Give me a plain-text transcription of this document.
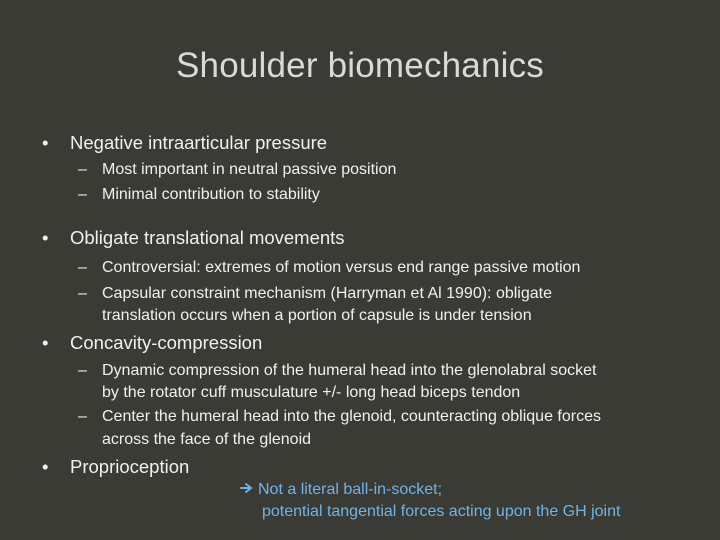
Shoulder biomechanics
• Negative intraarticular pressure
– Most important in neutral passive position
– Minimal contribution to stability
• Obligate translational movements
– Controversial: extremes of motion versus end range passive motion
– Capsular constraint mechanism (Harryman et Al 1990): obligate
translation occurs when a portion of capsule is under tension
• Concavity-compression
– Dynamic compression of the humeral head into the glenolabral socket
by the rotator cuff musculature +/- long head biceps tendon
– Center the humeral head into the glenoid, counteracting oblique forces
across the face of the glenoid
• Proprioception
Not a literal ball-in-socket;
potential tangential forces acting upon the GH joint
